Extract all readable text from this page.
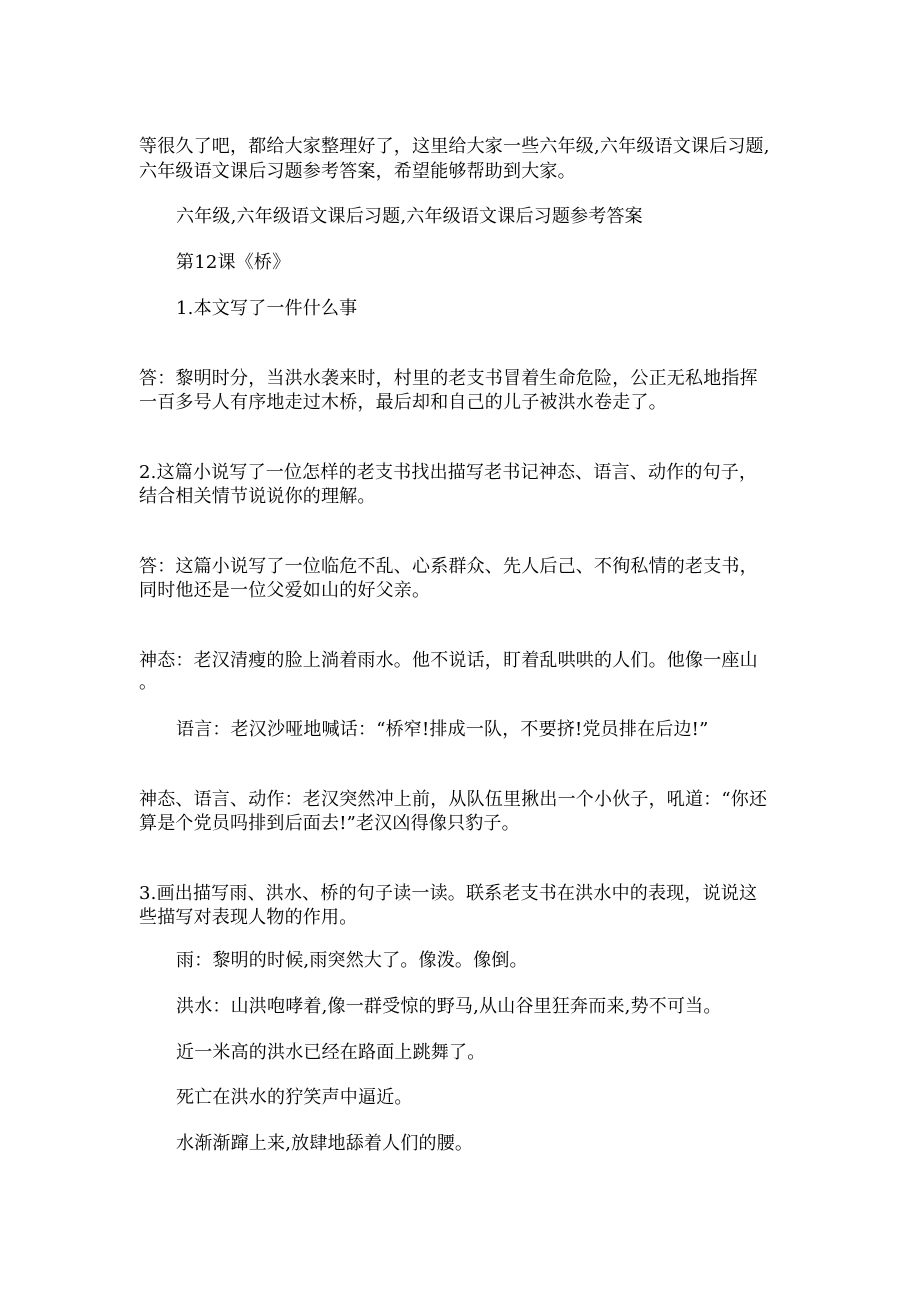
等很久了吧，都给大家整理好了，这里给大家一些六年级,六年级语文课后习题,
六年级语文课后习题参考答案，希望能够帮助到大家。
六年级,六年级语文课后习题,六年级语文课后习题参考答案
第12课《桥》
1.本文写了一件什么事
答：黎明时分，当洪水袭来时，村里的老支书冒着生命危险，公正无私地指挥
一百多号人有序地走过木桥，最后却和自己的儿子被洪水卷走了。
2.这篇小说写了一位怎样的老支书找出描写老书记神态、语言、动作的句子，
结合相关情节说说你的理解。
答：这篇小说写了一位临危不乱、心系群众、先人后己、不徇私情的老支书，
同时他还是一位父爱如山的好父亲。
神态：老汉清瘦的脸上淌着雨水。他不说话，盯着乱哄哄的人们。他像一座山
。
语言：老汉沙哑地喊话：“桥窄!排成一队，不要挤!党员排在后边!”
神态、语言、动作：老汉突然冲上前，从队伍里揪出一个小伙子，吼道：“你还
算是个党员吗排到后面去!”老汉凶得像只豹子。
3.画出描写雨、洪水、桥的句子读一读。联系老支书在洪水中的表现，说说这
些描写对表现人物的作用。
雨：黎明的时候,雨突然大了。像泼。像倒。
洪水：山洪咆哮着,像一群受惊的野马,从山谷里狂奔而来,势不可当。
近一米高的洪水已经在路面上跳舞了。
死亡在洪水的狞笑声中逼近。
水渐渐蹿上来,放肆地舔着人们的腰。
